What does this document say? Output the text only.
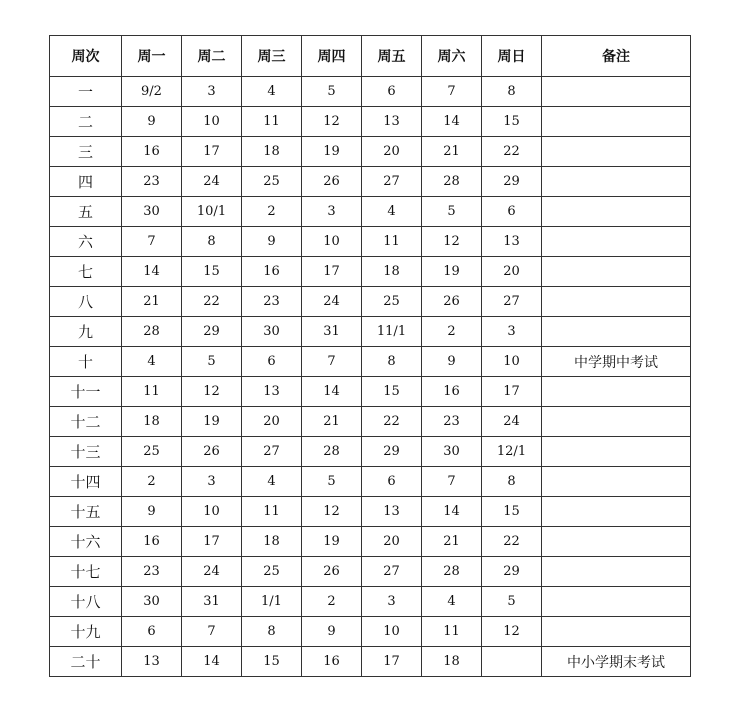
周次	周一	周二	周三	周四	周五	周六	周日	备注
一	9/2	3	4	5	6	7	8	
二	9	10	11	12	13	14	15	
三	16	17	18	19	20	21	22	
四	23	24	25	26	27	28	29	
五	30	10/1	2	3	4	5	6	
六	7	8	9	10	11	12	13	
七	14	15	16	17	18	19	20	
八	21	22	23	24	25	26	27	
九	28	29	30	31	11/1	2	3	
十	4	5	6	7	8	9	10	中学期中考试
十一	11	12	13	14	15	16	17	
十二	18	19	20	21	22	23	24	
十三	25	26	27	28	29	30	12/1	
十四	2	3	4	5	6	7	8	
十五	9	10	11	12	13	14	15	
十六	16	17	18	19	20	21	22	
十七	23	24	25	26	27	28	29	
十八	30	31	1/1	2	3	4	5	
十九	6	7	8	9	10	11	12	
二十	13	14	15	16	17	18		中小学期末考试
